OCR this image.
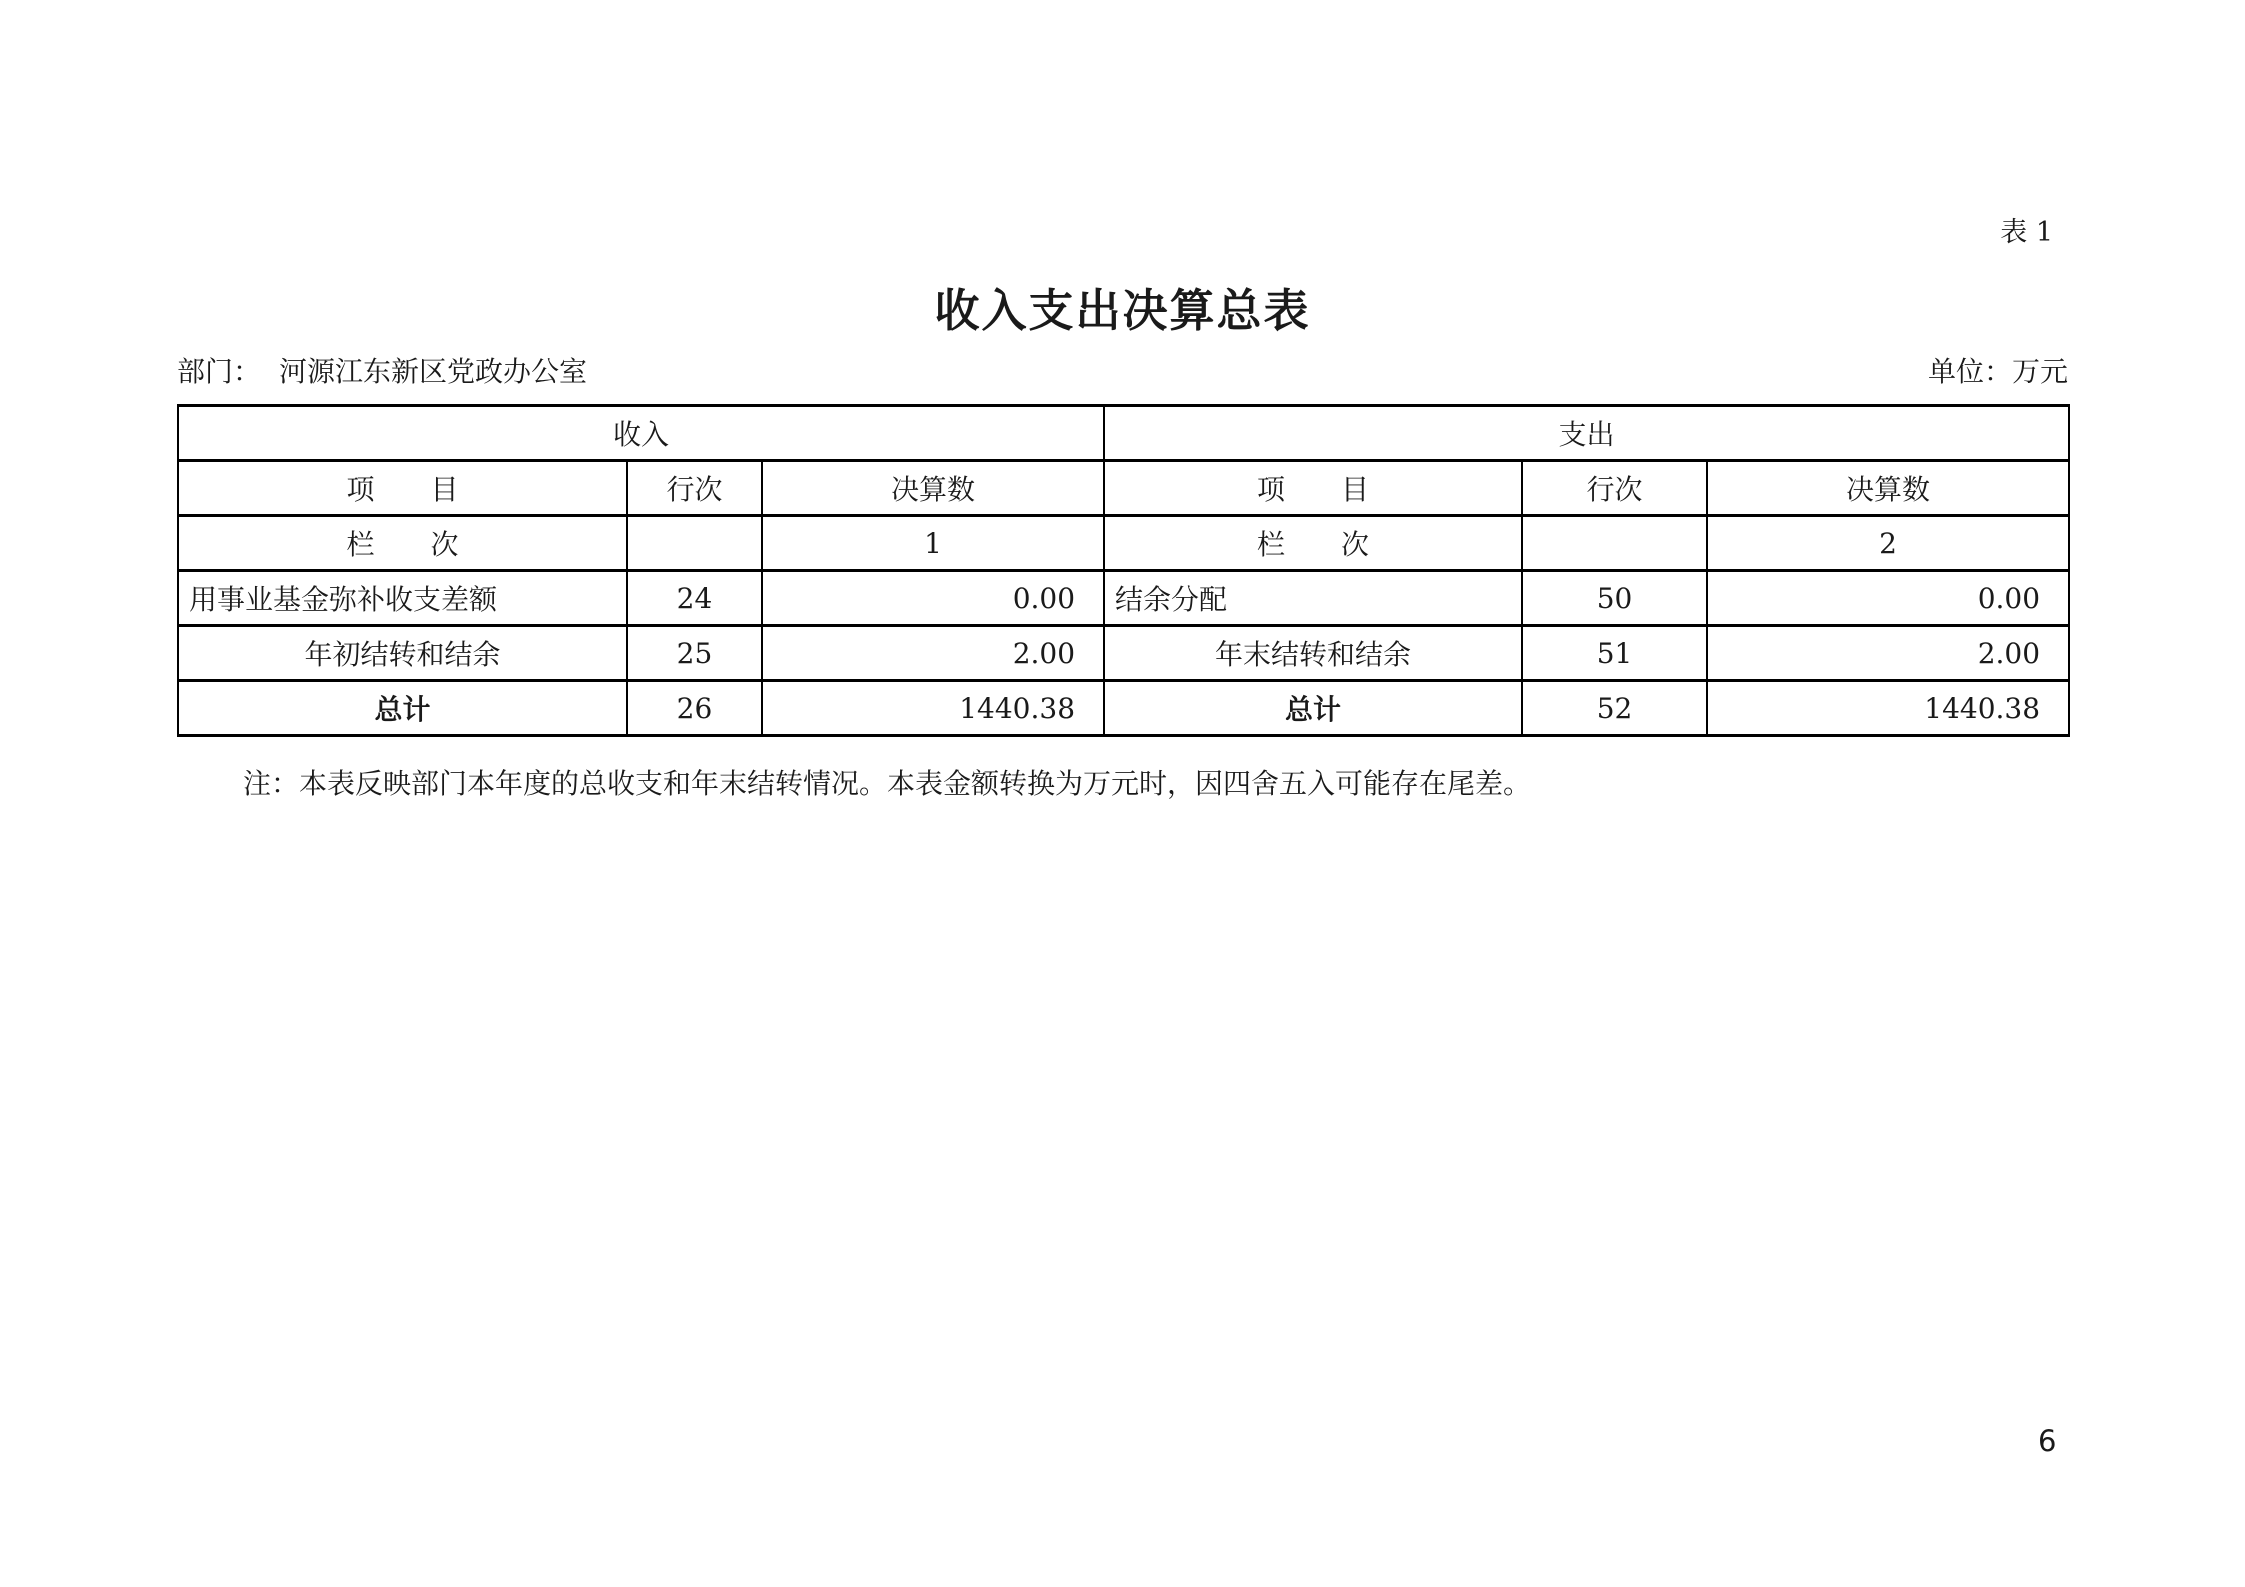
表 1
收入支出决算总表
部门： 河源江东新区党政办公室	单位：万元
收入			支出		
项　　目	行次	决算数	项　　目	行次	决算数
栏　　次		1	栏　　次		2
用事业基金弥补收支差额	24	0.00	结余分配	50	0.00
年初结转和结余	25	2.00	年末结转和结余	51	2.00
总计	26	1440.38	总计	52	1440.38
注：本表反映部门本年度的总收支和年末结转情况。本表金额转换为万元时，因四舍五入可能存在尾差。
6
